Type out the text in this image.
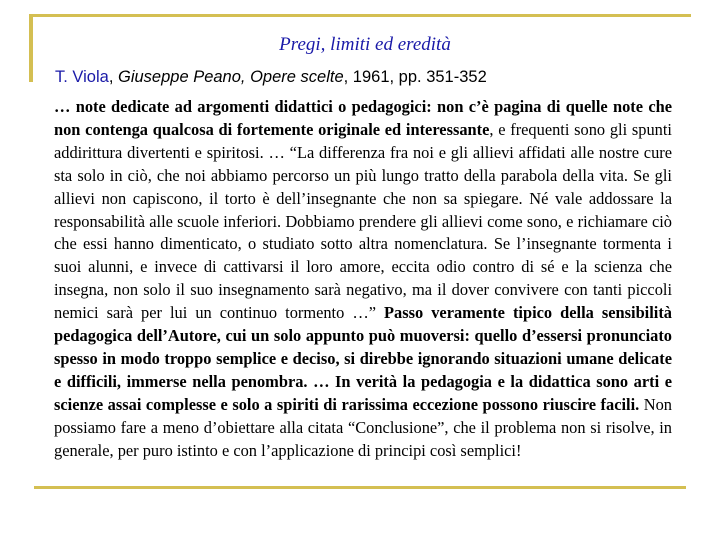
Pregi, limiti ed eredità
T. Viola, Giuseppe Peano, Opere scelte, 1961, pp. 351-352
… note dedicate ad argomenti didattici o pedagogici: non c’è pagina di quelle note che non contenga qualcosa di fortemente originale ed interessante, e frequenti sono gli spunti addirittura divertenti e spiritosi. … “La differenza fra noi e gli allievi affidati alle nostre cure sta solo in ciò, che noi abbiamo percorso un più lungo tratto della parabola della vita. Se gli allievi non capiscono, il torto è dell’insegnante che non sa spiegare. Né vale addossare la responsabilità alle scuole inferiori. Dobbiamo prendere gli allievi come sono, e richiamare ciò che essi hanno dimenticato, o studiato sotto altra nomenclatura. Se l’insegnante tormenta i suoi alunni, e invece di cattivarsi il loro amore, eccita odio contro di sé e la scienza che insegna, non solo il suo insegnamento sarà negativo, ma il dover convivere con tanti piccoli nemici sarà per lui un continuo tormento …” Passo veramente tipico della sensibilità pedagogica dell’Autore, cui un solo appunto può muoversi: quello d’essersi pronunciato spesso in modo troppo semplice e deciso, si direbbe ignorando situazioni umane delicate e difficili, immerse nella penombra. … In verità la pedagogia e la didattica sono arti e scienze assai complesse e solo a spiriti di rarissima eccezione possono riuscire facili. Non possiamo fare a meno d’obiettare alla citata “Conclusione”, che il problema non si risolve, in generale, per puro istinto e con l’applicazione di principi così semplici!
